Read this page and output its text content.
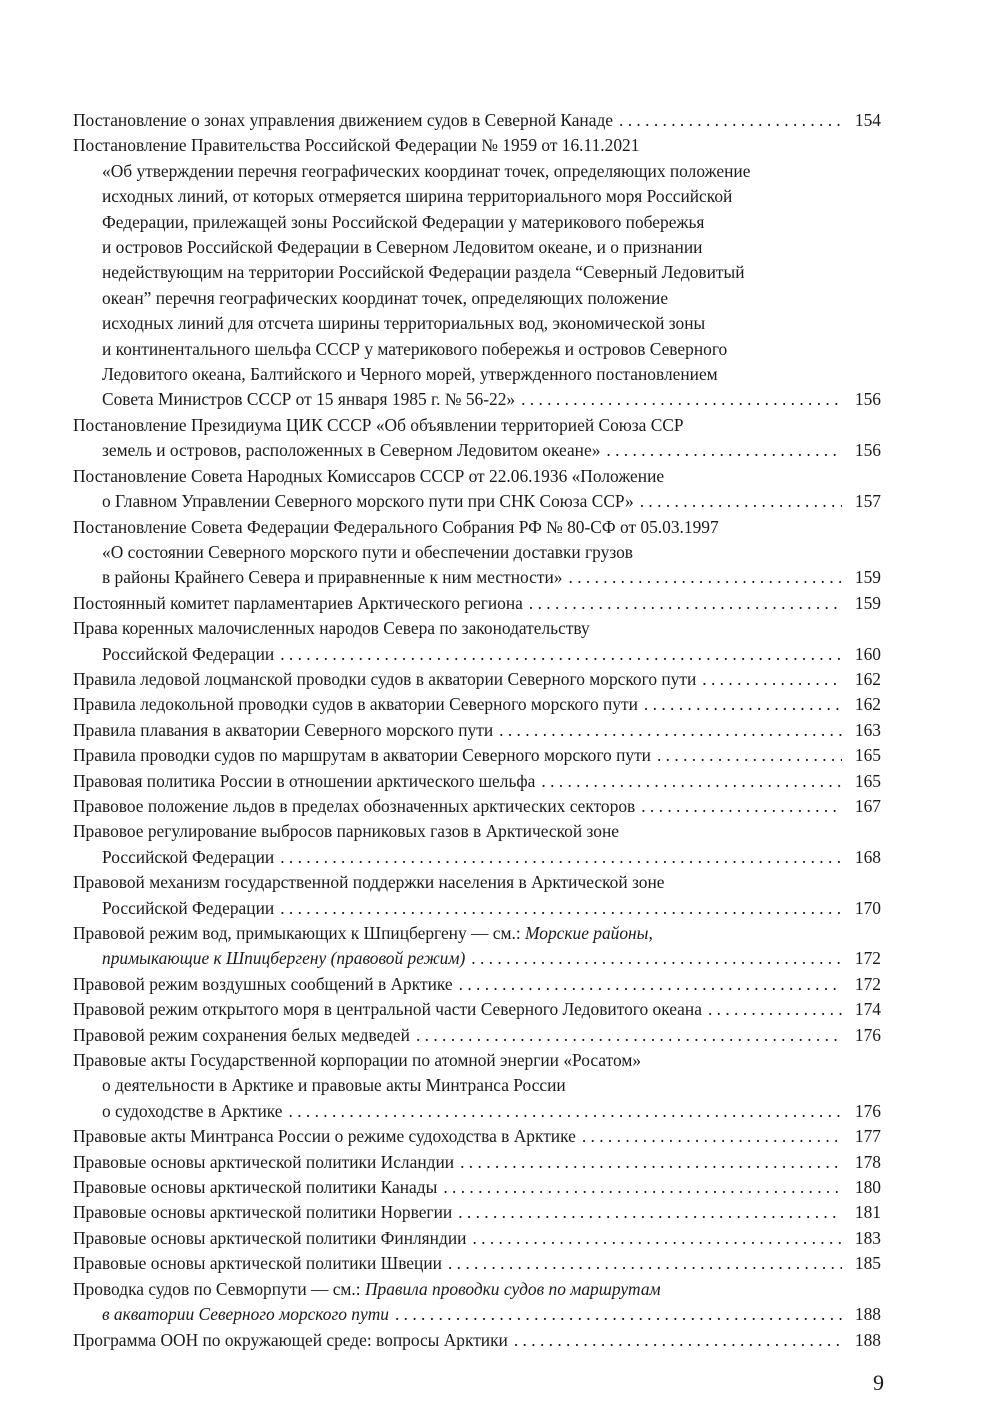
Постановление о зонах управления движением судов в Северной Канаде . . .	154
Постановление Правительства Российской Федерации № 1959 от 16.11.2021
«Об утверждении перечня географических координат точек, определяющих положение
исходных линий, от которых отмеряется ширина территориального моря Российской
Федерации, прилежащей зоны Российской Федерации у материкового побережья
и островов Российской Федерации в Северном Ледовитом океане, и о признании
недействующим на территории Российской Федерации раздела “Северный Ледовитый
океан” перечня географических координат точек, определяющих положение
исходных линий для отсчета ширины территориальных вод, экономической зоны
и континентального шельфа СССР у материкового побережья и островов Северного
Ледовитого океана, Балтийского и Черного морей, утвержденного постановлением
Совета Министров СССР от 15 января 1985 г. № 56-22» . . .	156
Постановление Президиума ЦИК СССР «Об объявлении территорией Союза ССР
земель и островов, расположенных в Северном Ледовитом океане» . . .	156
Постановление Совета Народных Комиссаров СССР от 22.06.1936 «Положение
о Главном Управлении Северного морского пути при СНК Союза ССР» . . .	157
Постановление Совета Федерации Федерального Собрания РФ № 80-СФ от 05.03.1997
«О состоянии Северного морского пути и обеспечении доставки грузов
в районы Крайнего Севера и приравненные к ним местности» . . .	159
Постоянный комитет парламентариев Арктического региона . . .	159
Права коренных малочисленных народов Севера по законодательству
Российской Федерации . . .	160
Правила ледовой лоцманской проводки судов в акватории Северного морского пути . . .	162
Правила ледокольной проводки судов в акватории Северного морского пути . . .	162
Правила плавания в акватории Северного морского пути . . .	163
Правила проводки судов по маршрутам в акватории Северного морского пути . . .	165
Правовая политика России в отношении арктического шельфа . . .	165
Правовое положение льдов в пределах обозначенных арктических секторов . . .	167
Правовое регулирование выбросов парниковых газов в Арктической зоне
Российской Федерации . . .	168
Правовой механизм государственной поддержки населения в Арктической зоне
Российской Федерации . . .	170
Правовой режим вод, примыкающих к Шпицбергену — см.: Морские районы,
примыкающие к Шпицбергену (правовой режим) . . .	172
Правовой режим воздушных сообщений в Арктике . . .	172
Правовой режим открытого моря в центральной части Северного Ледовитого океана . . .	174
Правовой режим сохранения белых медведей . . .	176
Правовые акты Государственной корпорации по атомной энергии «Росатом»
о деятельности в Арктике и правовые акты Минтранса России
о судоходстве в Арктике . . .	176
Правовые акты Минтранса России о режиме судоходства в Арктике . . .	177
Правовые основы арктической политики Исландии . . .	178
Правовые основы арктической политики Канады . . .	180
Правовые основы арктической политики Норвегии . . .	181
Правовые основы арктической политики Финляндии . . .	183
Правовые основы арктической политики Швеции . . .	185
Проводка судов по Севморпути — см.: Правила проводки судов по маршрутам
в акватории Северного морского пути . . .	188
Программа ООН по окружающей среде: вопросы Арктики . . .	188
9
